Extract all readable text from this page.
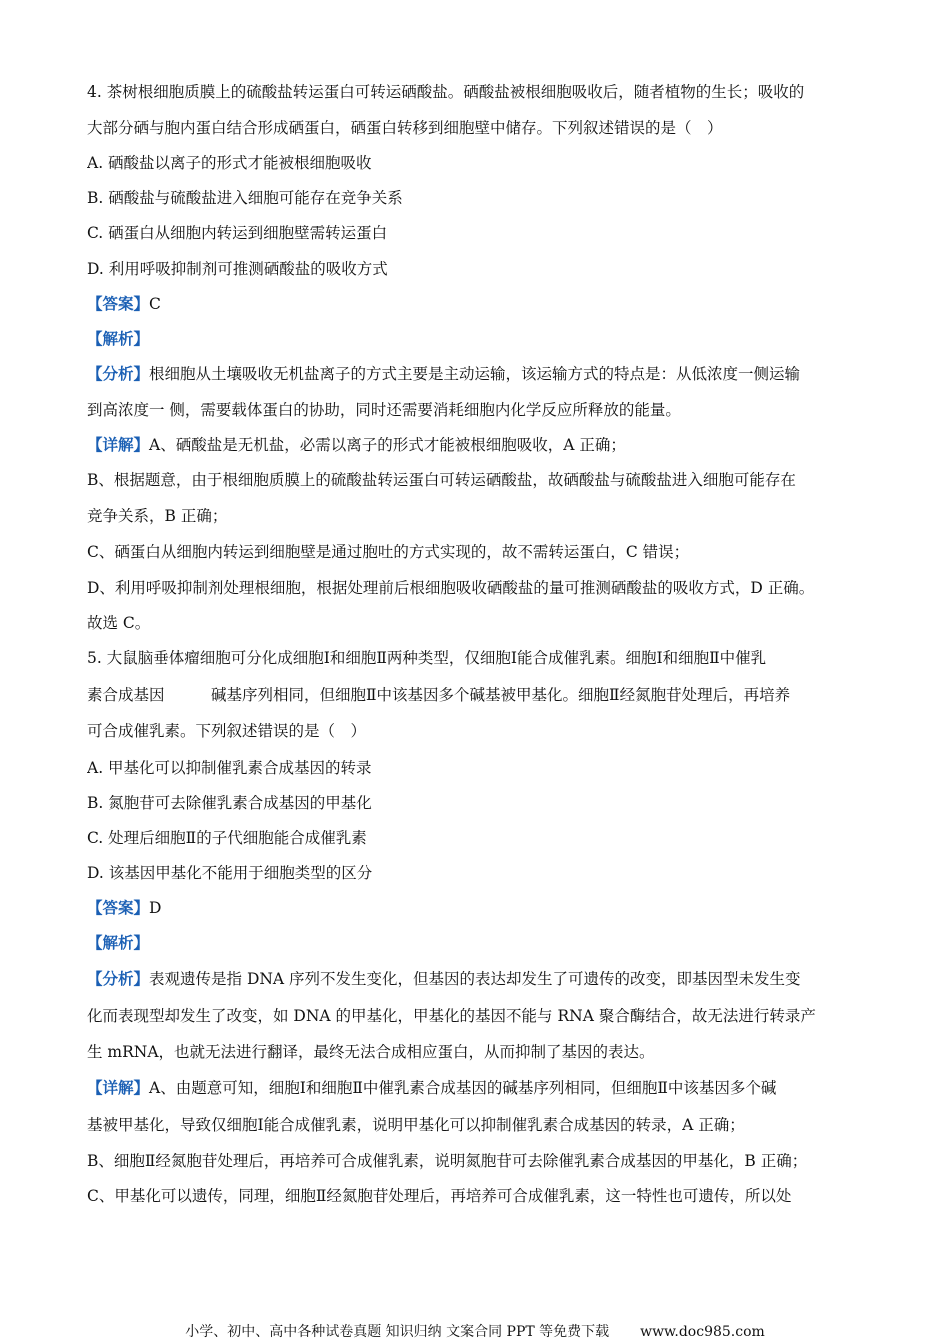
4. 茶树根细胞质膜上的硫酸盐转运蛋白可转运硒酸盐。硒酸盐被根细胞吸收后，随者植物的生长；吸收的
大部分硒与胞内蛋白结合形成硒蛋白，硒蛋白转移到细胞壁中储存。下列叙述错误的是（　）
A. 硒酸盐以离子的形式才能被根细胞吸收
B. 硒酸盐与硫酸盐进入细胞可能存在竞争关系
C. 硒蛋白从细胞内转运到细胞壁需转运蛋白
D. 利用呼吸抑制剂可推测硒酸盐的吸收方式
【答案】C
【解析】
【分析】根细胞从土壤吸收无机盐离子的方式主要是主动运输，该运输方式的特点是：从低浓度一侧运输
到高浓度一 侧，需要载体蛋白的协助，同时还需要消耗细胞内化学反应所释放的能量。
【详解】A、硒酸盐是无机盐，必需以离子的形式才能被根细胞吸收，A 正确；
B、根据题意，由于根细胞质膜上的硫酸盐转运蛋白可转运硒酸盐，故硒酸盐与硫酸盐进入细胞可能存在
竞争关系，B 正确；
C、硒蛋白从细胞内转运到细胞壁是通过胞吐的方式实现的，故不需转运蛋白，C 错误；
D、利用呼吸抑制剂处理根细胞，根据处理前后根细胞吸收硒酸盐的量可推测硒酸盐的吸收方式，D 正确。
故选 C。
5. 大鼠脑垂体瘤细胞可分化成细胞Ⅰ和细胞Ⅱ两种类型，仅细胞Ⅰ能合成催乳素。细胞Ⅰ和细胞Ⅱ中催乳
素合成基因　　　碱基序列相同，但细胞Ⅱ中该基因多个碱基被甲基化。细胞Ⅱ经氮胞苷处理后，再培养
可合成催乳素。下列叙述错误的是（　）
A. 甲基化可以抑制催乳素合成基因的转录
B. 氮胞苷可去除催乳素合成基因的甲基化
C. 处理后细胞Ⅱ的子代细胞能合成催乳素
D. 该基因甲基化不能用于细胞类型的区分
【答案】D
【解析】
【分析】表观遗传是指 DNA 序列不发生变化，但基因的表达却发生了可遗传的改变，即基因型未发生变
化而表现型却发生了改变，如 DNA 的甲基化，甲基化的基因不能与 RNA 聚合酶结合，故无法进行转录产
生 mRNA，也就无法进行翻译，最终无法合成相应蛋白，从而抑制了基因的表达。
【详解】A、由题意可知，细胞Ⅰ和细胞Ⅱ中催乳素合成基因的碱基序列相同，但细胞Ⅱ中该基因多个碱
基被甲基化，导致仅细胞Ⅰ能合成催乳素，说明甲基化可以抑制催乳素合成基因的转录，A 正确；
B、细胞Ⅱ经氮胞苷处理后，再培养可合成催乳素，说明氮胞苷可去除催乳素合成基因的甲基化，B 正确；
C、甲基化可以遗传，同理，细胞Ⅱ经氮胞苷处理后，再培养可合成催乳素，这一特性也可遗传，所以处
小学、初中、高中各种试卷真题 知识归纳 文案合同 PPT 等免费下载 www.doc985.com
